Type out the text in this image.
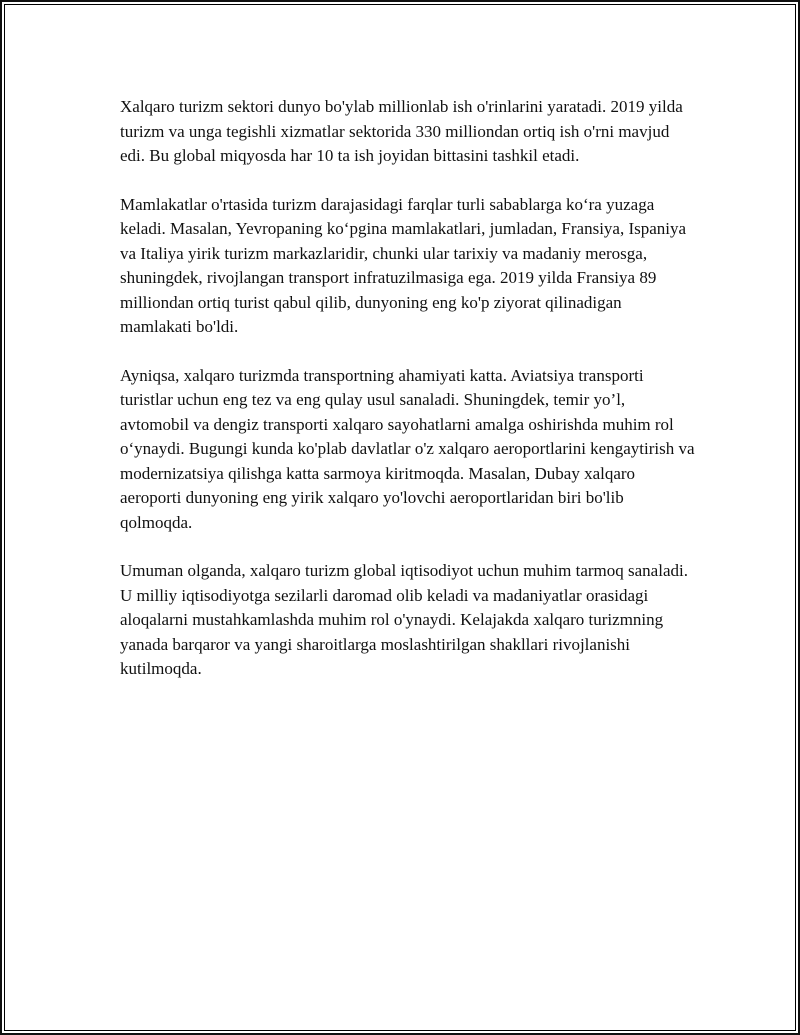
Xalqaro turizm sektori dunyo bo'ylab millionlab ish o'rinlarini yaratadi. 2019 yilda turizm va unga tegishli xizmatlar sektorida 330 milliondan ortiq ish o'rni mavjud edi. Bu global miqyosda har 10 ta ish joyidan bittasini tashkil etadi.

Mamlakatlar o'rtasida turizm darajasidagi farqlar turli sabablarga ko‘ra yuzaga keladi. Masalan, Yevropaning ko‘pgina mamlakatlari, jumladan, Fransiya, Ispaniya va Italiya yirik turizm markazlaridir, chunki ular tarixiy va madaniy merosga, shuningdek, rivojlangan transport infratuzilmasiga ega. 2019 yilda Fransiya 89 milliondan ortiq turist qabul qilib, dunyoning eng ko'p ziyorat qilinadigan mamlakati bo'ldi.

Ayniqsa, xalqaro turizmda transportning ahamiyati katta. Aviatsiya transporti turistlar uchun eng tez va eng qulay usul sanaladi. Shuningdek, temir yo’l, avtomobil va dengiz transporti xalqaro sayohatlarni amalga oshirishda muhim rol o‘ynaydi. Bugungi kunda ko'plab davlatlar o'z xalqaro aeroportlarini kengaytirish va modernizatsiya qilishga katta sarmoya kiritmoqda. Masalan, Dubay xalqaro aeroporti dunyoning eng yirik xalqaro yo'lovchi aeroportlaridan biri bo'lib qolmoqda.

Umuman olganda, xalqaro turizm global iqtisodiyot uchun muhim tarmoq sanaladi. U milliy iqtisodiyotga sezilarli daromad olib keladi va madaniyatlar orasidagi aloqalarni mustahkamlashda muhim rol o'ynaydi. Kelajakda xalqaro turizmning yanada barqaror va yangi sharoitlarga moslashtirilgan shakllari rivojlanishi kutilmoqda.
